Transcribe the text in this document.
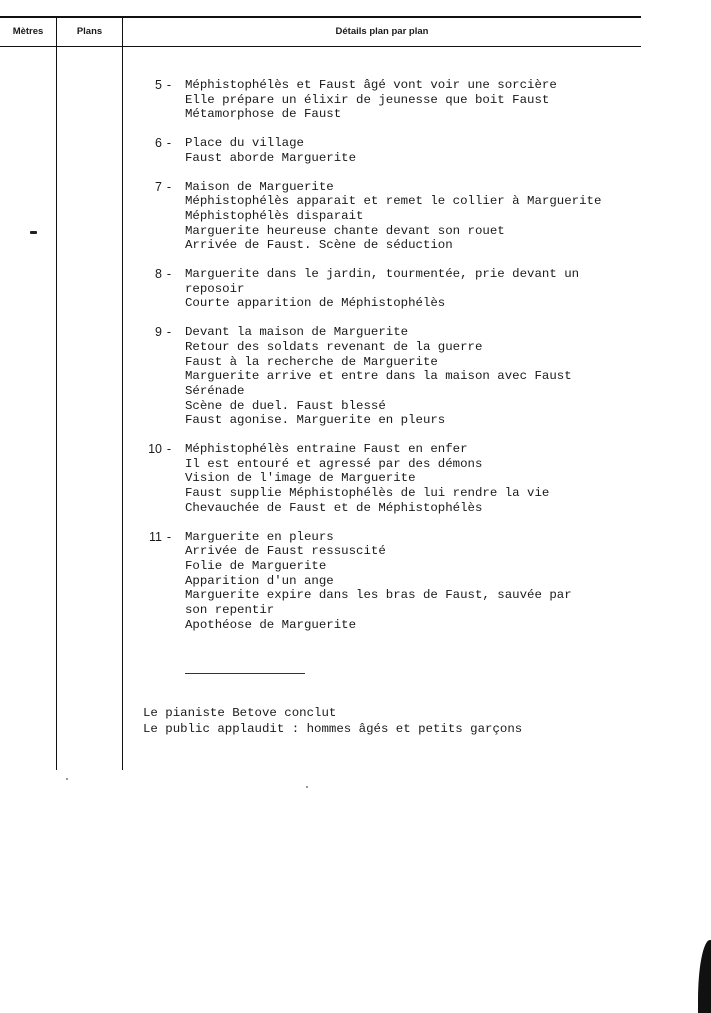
Mètres	Plans	Détails plan par plan
5 -	Méphistophélès et Faust âgé vont voir une sorcière
Elle prépare un élixir de jeunesse que boit Faust
Métamorphose de Faust
6 -	Place du village
Faust aborde Marguerite
7 -	Maison de Marguerite
Méphistophélès apparait et remet le collier à Marguerite
Méphistophélès disparait
Marguerite heureuse chante devant son rouet
Arrivée de Faust. Scène de séduction
8 -	Marguerite dans le jardin, tourmentée, prie devant un
reposoir
Courte apparition de Méphistophélès
9 -	Devant la maison de Marguerite
Retour des soldats revenant de la guerre
Faust à la recherche de Marguerite
Marguerite arrive et entre dans la maison avec Faust
Sérénade
Scène de duel. Faust blessé
Faust agonise. Marguerite en pleurs
10 -	Méphistophélès entraine Faust en enfer
Il est entouré et agressé par des démons
Vision de l'image de Marguerite
Faust supplie Méphistophélès de lui rendre la vie
Chevauchée de Faust et de Méphistophélès
11 -	Marguerite en pleurs
Arrivée de Faust ressuscité
Folie de Marguerite
Apparition d'un ange
Marguerite expire dans les bras de Faust, sauvée par
son repentir
Apothéose de Marguerite
Le pianiste Betove conclut
Le public applaudit : hommes âgés et petits garçons
